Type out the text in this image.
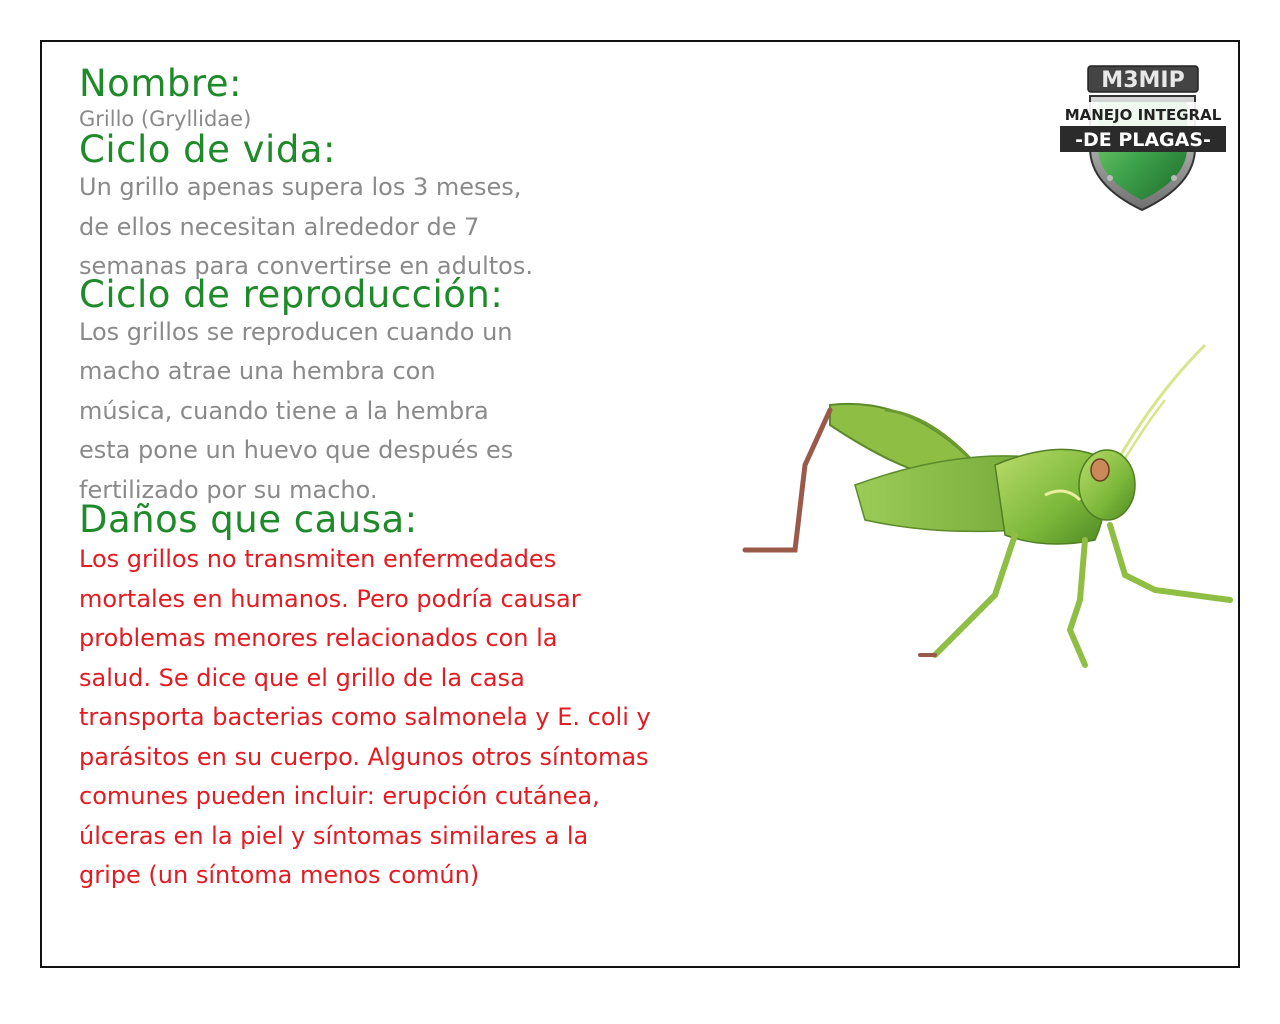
Nombre:

Grillo (Gryllidae)

Ciclo de vida:

Un grillo apenas supera los 3 meses,
de ellos necesitan alrededor de 7
semanas para convertirse en adultos.

Ciclo de reproducción:

Los grillos se reproducen cuando un
macho atrae una hembra con
música, cuando tiene a la hembra
esta pone un huevo que después es
fertilizado por su macho.

Daños que causa:

Los grillos no transmiten enfermedades
mortales en humanos. Pero podría causar
problemas menores relacionados con la
salud. Se dice que el grillo de la casa
transporta bacterias como salmonela y E. coli y
parásitos en su cuerpo. Algunos otros síntomas
comunes pueden incluir: erupción cutánea,
úlceras en la piel y síntomas similares a la
gripe (un síntoma menos común)

M3MIP
MANEJO INTEGRAL
-DE PLAGAS-
